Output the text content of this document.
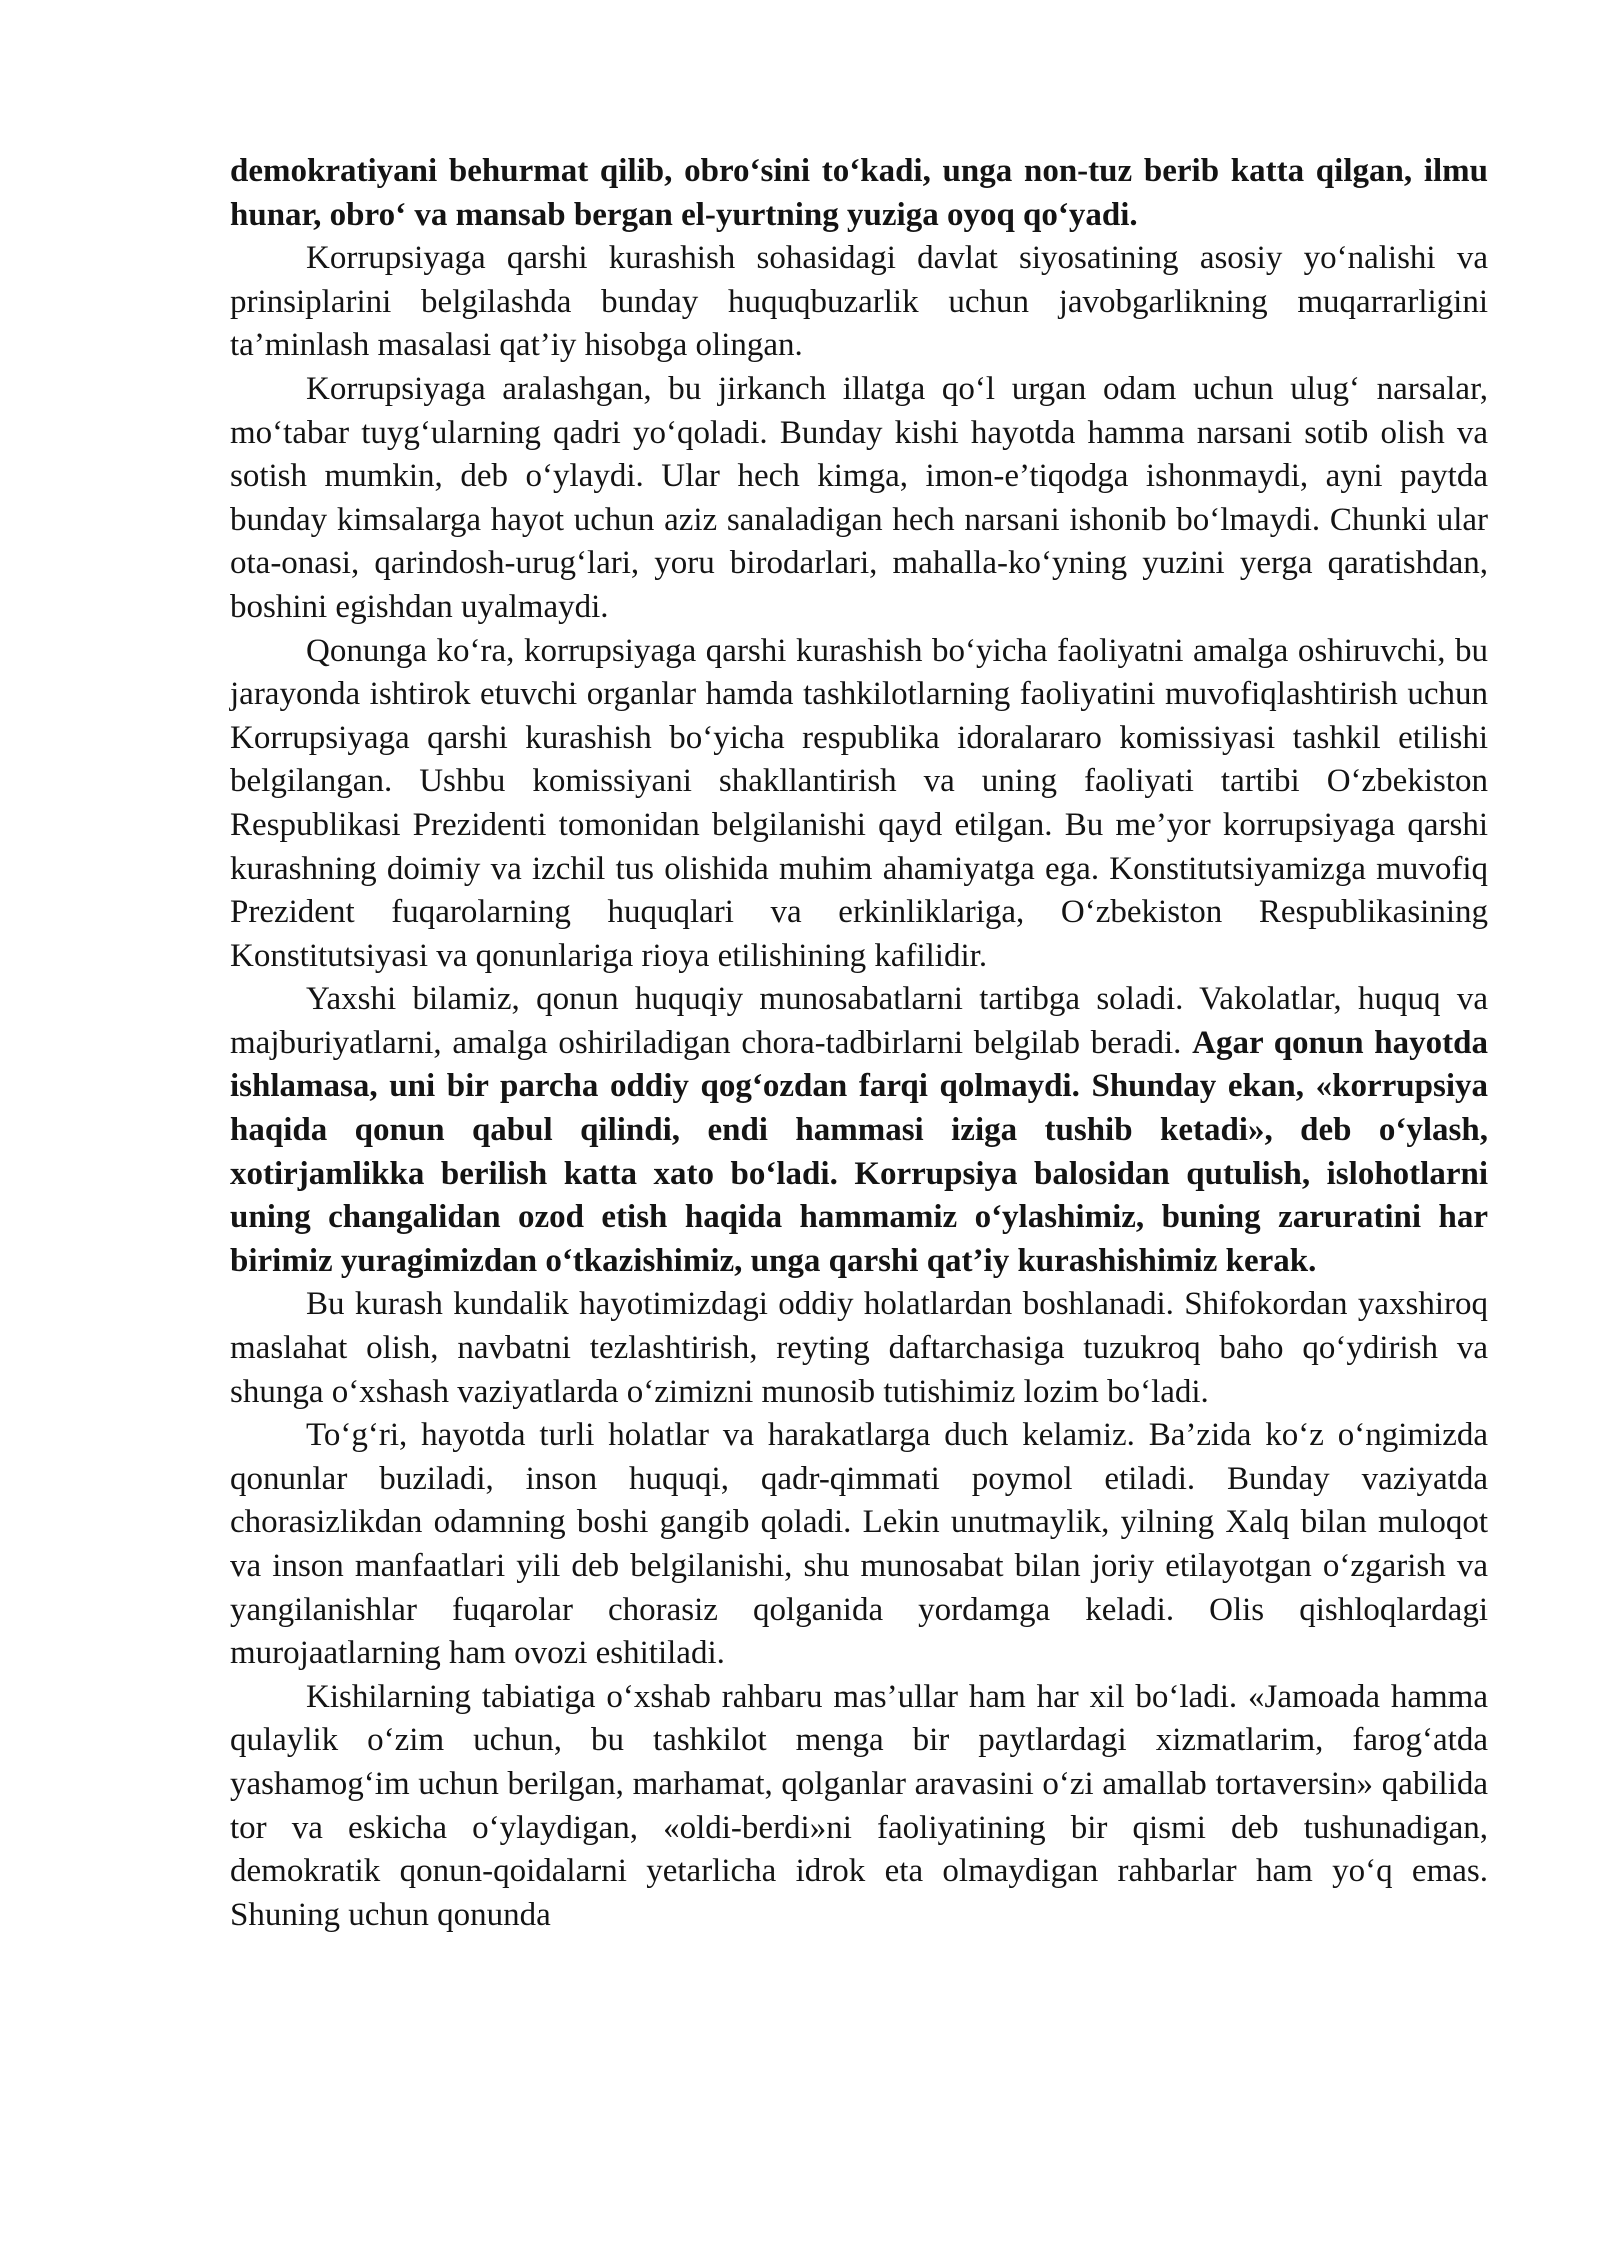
demokratiyani behurmat qilib, obro‘sini to‘kadi, unga non-tuz berib katta qilgan, ilmu hunar, obro‘ va mansab bergan el-yurtning yuziga oyoq qo‘yadi.

Korrupsiyaga qarshi kurashish sohasidagi davlat siyosatining asosiy yo‘nalishi va prinsiplarini belgilashda bunday huquqbuzarlik uchun javobgarlikning muqarrarligini ta’minlash masalasi qat’iy hisobga olingan.

Korrupsiyaga aralashgan, bu jirkanch illatga qo‘l urgan odam uchun ulug‘ narsalar, mo‘tabar tuyg‘ularning qadri yo‘qoladi. Bunday kishi hayotda hamma narsani sotib olish va sotish mumkin, deb o‘ylaydi. Ular hech kimga, imon-e’tiqodga ishonmaydi, ayni paytda bunday kimsalarga hayot uchun aziz sanaladigan hech narsani ishonib bo‘lmaydi. Chunki ular ota-onasi, qarindosh-urug‘lari, yoru birodarlari, mahalla-ko‘yning yuzini yerga qaratishdan, boshini egishdan uyalmaydi.

Qonunga ko‘ra, korrupsiyaga qarshi kurashish bo‘yicha faoliyatni amalga oshiruvchi, bu jarayonda ishtirok etuvchi organlar hamda tashkilotlarning faoliyatini muvofiqlashtirish uchun Korrupsiyaga qarshi kurashish bo‘yicha respublika idoralararo komissiyasi tashkil etilishi belgilangan. Ushbu komissiyani shakllantirish va uning faoliyati tartibi O‘zbekiston Respublikasi Prezidenti tomonidan belgilanishi qayd etilgan. Bu me’yor korrupsiyaga qarshi kurashning doimiy va izchil tus olishida muhim ahamiyatga ega. Konstitutsiyamizga muvofiq Prezident fuqarolarning huquqlari va erkinliklariga, O‘zbekiston Respublikasining Konstitutsiyasi va qonunlariga rioya etilishining kafilidir.

Yaxshi bilamiz, qonun huquqiy munosabatlarni tartibga soladi. Vakolatlar, huquq va majburiyatlarni, amalga oshiriladigan chora-tadbirlarni belgilab beradi. Agar qonun hayotda ishlamasa, uni bir parcha oddiy qog‘ozdan farqi qolmaydi. Shunday ekan, «korrupsiya haqida qonun qabul qilindi, endi hammasi iziga tushib ketadi», deb o‘ylash, xotirjamlikka berilish katta xato bo‘ladi. Korrupsiya balosidan qutulish, islohotlarni uning changalidan ozod etish haqida hammamiz o‘ylashimiz, buning zaruratini har birimiz yuragimizdan o‘tkazishimiz, unga qarshi qat’iy kurashishimiz kerak.

Bu kurash kundalik hayotimizdagi oddiy holatlardan boshlanadi. Shifokordan yaxshiroq maslahat olish, navbatni tezlashtirish, reyting daftarchasiga tuzukroq baho qo‘ydirish va shunga o‘xshash vaziyatlarda o‘zimizni munosib tutishimiz lozim bo‘ladi.

To‘g‘ri, hayotda turli holatlar va harakatlarga duch kelamiz. Ba’zida ko‘z o‘ngimizda qonunlar buziladi, inson huquqi, qadr-qimmati poymol etiladi. Bunday vaziyatda chorasizlikdan odamning boshi gangib qoladi. Lekin unutmaylik, yilning Xalq bilan muloqot va inson manfaatlari yili deb belgilanishi, shu munosabat bilan joriy etilayotgan o‘zgarish va yangilanishlar fuqarolar chorasiz qolganida yordamga keladi. Olis qishloqlardagi murojaatlarning ham ovozi eshitiladi.

Kishilarning tabiatiga o‘xshab rahbaru mas’ullar ham har xil bo‘ladi. «Jamoada hamma qulaylik o‘zim uchun, bu tashkilot menga bir paytlardagi xizmatlarim, farog‘atda yashamog‘im uchun berilgan, marhamat, qolganlar aravasini o‘zi amallab tortaversin» qabilida tor va eskicha o‘ylaydigan, «oldi-berdi»ni faoliyatining bir qismi deb tushunadigan, demokratik qonun-qoidalarni yetarlicha idrok eta olmaydigan rahbarlar ham yo‘q emas. Shuning uchun qonunda
